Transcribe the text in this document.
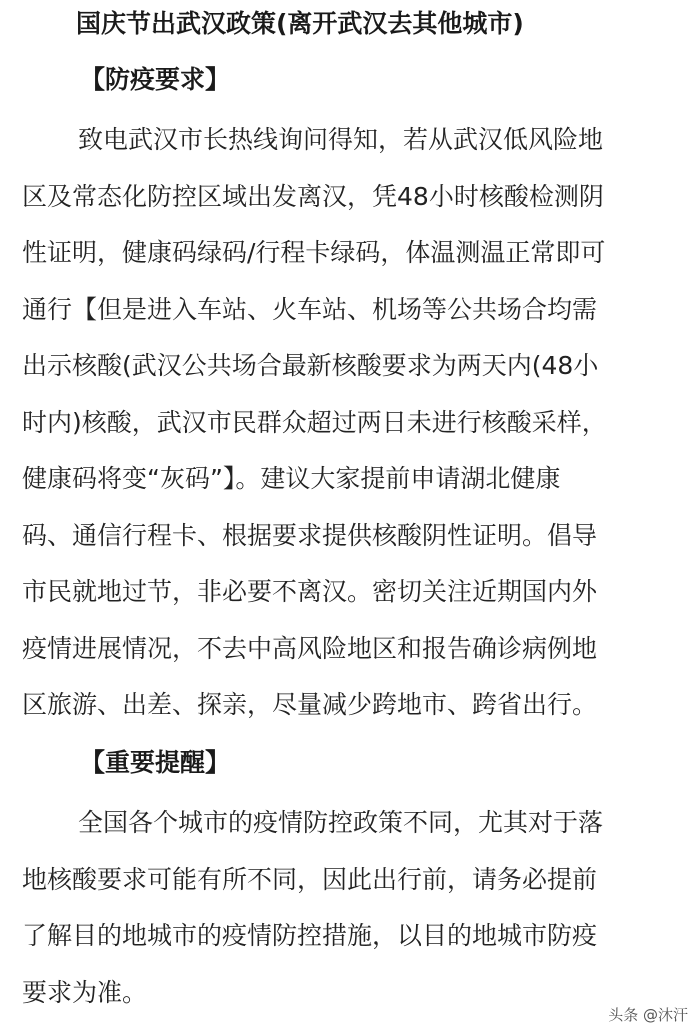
国庆节出武汉政策(离开武汉去其他城市)
【防疫要求】
致电武汉市长热线询问得知，若从武汉低风险地
区及常态化防控区域出发离汉，凭48小时核酸检测阴
性证明，健康码绿码/行程卡绿码，体温测温正常即可
通行【但是进入车站、火车站、机场等公共场合均需
出示核酸(武汉公共场合最新核酸要求为两天内(48小
时内)核酸，武汉市民群众超过两日未进行核酸采样，
健康码将变“灰码”】。建议大家提前申请湖北健康
码、通信行程卡、根据要求提供核酸阴性证明。倡导
市民就地过节，非必要不离汉。密切关注近期国内外
疫情进展情况，不去中高风险地区和报告确诊病例地
区旅游、出差、探亲，尽量减少跨地市、跨省出行。
【重要提醒】
全国各个城市的疫情防控政策不同，尤其对于落
地核酸要求可能有所不同，因此出行前，请务必提前
了解目的地城市的疫情防控措施，以目的地城市防疫
要求为准。
头条 @沐汗
